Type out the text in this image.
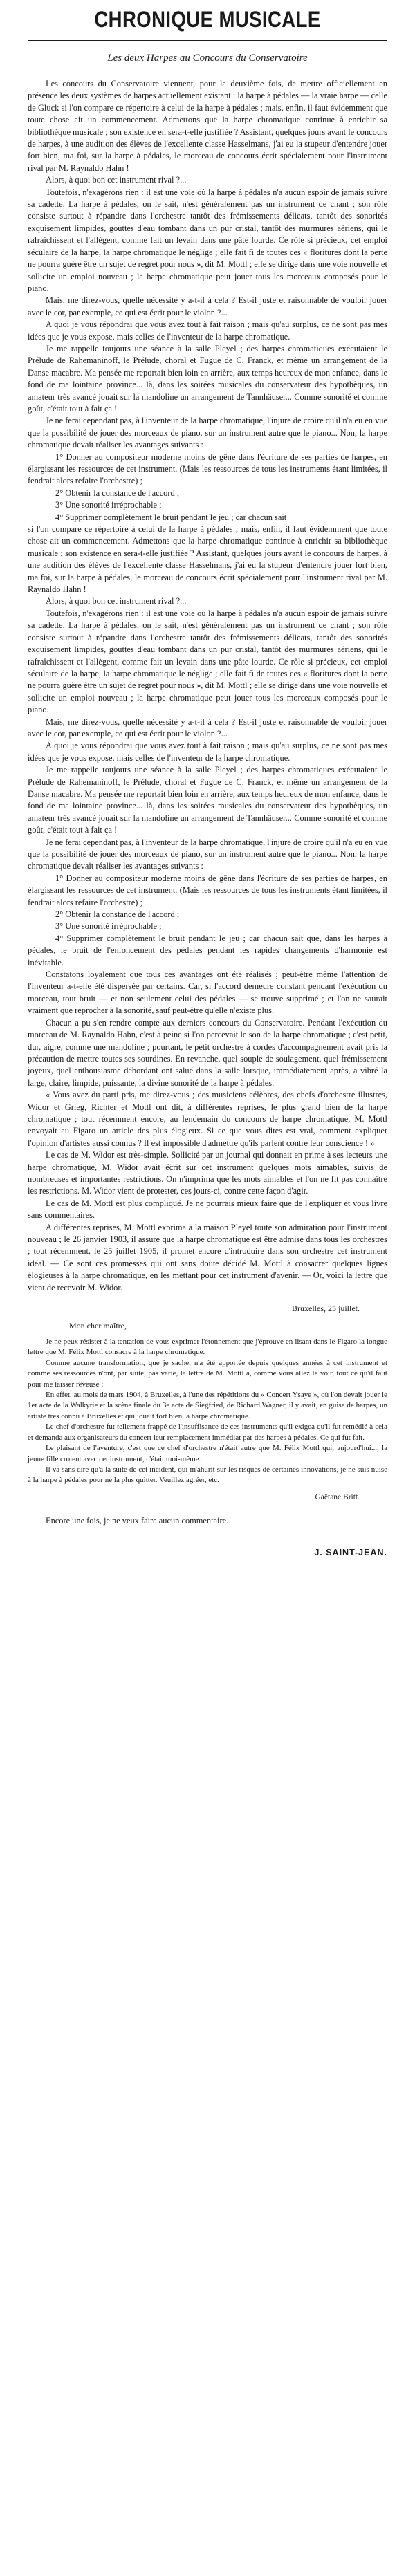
CHRONIQUE MUSICALE
Les deux Harpes au Concours du Conservatoire

Les concours du Conservatoire viennent, pour la deuxième fois, de mettre officiellement en présence les deux systèmes de harpes actuellement existant : la harpe à pédales — la vraie harpe — celle de Gluck si l'on compare ce répertoire à celui de la harpe à pédales ; mais, enfin, il faut évidemment que toute chose ait un commencement. Admettons que la harpe chromatique continue à enrichir sa bibliothèque musicale ; son existence en sera-t-elle justifiée ? Assistant, quelques jours avant le concours de harpes, à une audition des élèves de l'excellente classe Hasselmans, j'ai eu la stupeur d'entendre jouer fort bien, ma foi, sur la harpe à pédales, le morceau de concours écrit spécialement pour l'instrument rival par M. Raynaldo Hahn !

Alors, à quoi bon cet instrument rival ?...

Toutefois, n'exagérons rien : il est une voie où la harpe à pédales n'a aucun espoir de jamais suivre sa cadette. La harpe à pédales, on le sait, n'est généralement pas un instrument de chant ; son rôle consiste surtout à répandre dans l'orchestre tantôt des frémissements délicats, tantôt des sonorités exquisement limpides, gouttes d'eau tombant dans un pur cristal, tantôt des murmures aériens, qui le rafraîchissent et l'allègent, comme fait un levain dans une pâte lourde. Ce rôle si précieux, cet emploi séculaire de la harpe, la harpe chromatique le néglige ; elle fait fi de toutes ces « floritures dont la perte ne pourra guère être un sujet de regret pour nous », dit M. Mottl ; elle se dirige dans une voie nouvelle et sollicite un emploi nouveau ; la harpe chromatique peut jouer tous les morceaux composés pour le piano.

Mais, me direz-vous, quelle nécessité y a-t-il à cela ? Est-il juste et raisonnable de vouloir jouer avec le cor, par exemple, ce qui est écrit pour le violon ?...

A quoi je vous répondrai que vous avez tout à fait raison ; mais qu'au surplus, ce ne sont pas mes idées que je vous expose, mais celles de l'inventeur de la harpe chromatique.

Je me rappelle toujours une séance à la salle Pleyel ; des harpes chromatiques exécutaient le Prélude de Rahemaninoff, le Prélude, choral et Fugue de C. Franck, et même un arrangement de la Danse macabre. Ma pensée me reportait bien loin en arrière, aux temps heureux de mon enfance, dans le fond de ma lointaine province... là, dans les soirées musicales du conservateur des hypothèques, un amateur très avancé jouait sur la mandoline un arrangement de Tannhäuser... Comme sonorité et comme goût, c'était tout à fait ça !

Je ne ferai cependant pas, à l'inventeur de la harpe chromatique, l'injure de croire qu'il n'a eu en vue que la possibilité de jouer des morceaux de piano, sur un instrument autre que le piano... Non, la harpe chromatique devait réaliser les avantages suivants :

1° Donner au compositeur moderne moins de gêne dans l'écriture de ses parties de harpes, en élargissant les ressources de cet instrument. (Mais les ressources de tous les instruments étant limitées, il fendrait alors refaire l'orchestre) ;

2° Obtenir la constance de l'accord ;

3° Une sonorité irréprochable ;

4° Supprimer complètement le bruit pendant le jeu ; car chacun sait

si l'on compare ce répertoire à celui de la harpe à pédales ; mais, enfin, il faut évidemment que toute chose ait un commencement. Admettons que la harpe chromatique continue à enrichir sa bibliothèque musicale ; son existence en sera-t-elle justifiée ? Assistant, quelques jours avant le concours de harpes, à une audition des élèves de l'excellente classe Hasselmans, j'ai eu la stupeur d'entendre jouer fort bien, ma foi, sur la harpe à pédales, le morceau de concours écrit spécialement pour l'instrument rival par M. Raynaldo Hahn !

Alors, à quoi bon cet instrument rival ?...

Toutefois, n'exagérons rien : il est une voie où la harpe à pédales n'a aucun espoir de jamais suivre sa cadette. La harpe à pédales, on le sait, n'est généralement pas un instrument de chant ; son rôle consiste surtout à répandre dans l'orchestre tantôt des frémissements délicats, tantôt des sonorités exquisement limpides, gouttes d'eau tombant dans un pur cristal, tantôt des murmures aériens, qui le rafraîchissent et l'allègent, comme fait un levain dans une pâte lourde. Ce rôle si précieux, cet emploi séculaire de la harpe, la harpe chromatique le néglige ; elle fait fi de toutes ces « floritures dont la perte ne pourra guère être un sujet de regret pour nous », dit M. Mottl ; elle se dirige dans une voie nouvelle et sollicite un emploi nouveau ; la harpe chromatique peut jouer tous les morceaux composés pour le piano.

Mais, me direz-vous, quelle nécessité y a-t-il à cela ? Est-il juste et raisonnable de vouloir jouer avec le cor, par exemple, ce qui est écrit pour le violon ?...

A quoi je vous répondrai que vous avez tout à fait raison ; mais qu'au surplus, ce ne sont pas mes idées que je vous expose, mais celles de l'inventeur de la harpe chromatique.

Je me rappelle toujours une séance à la salle Pleyel ; des harpes chromatiques exécutaient le Prélude de Rahemaninoff, le Prélude, choral et Fugue de C. Franck, et même un arrangement de la Danse macabre. Ma pensée me reportait bien loin en arrière, aux temps heureux de mon enfance, dans le fond de ma lointaine province... là, dans les soirées musicales du conservateur des hypothèques, un amateur très avancé jouait sur la mandoline un arrangement de Tannhäuser... Comme sonorité et comme goût, c'était tout à fait ça !

Je ne ferai cependant pas, à l'inventeur de la harpe chromatique, l'injure de croire qu'il n'a eu en vue que la possibilité de jouer des morceaux de piano, sur un instrument autre que le piano... Non, la harpe chromatique devait réaliser les avantages suivants :

1° Donner au compositeur moderne moins de gêne dans l'écriture de ses parties de harpes, en élargissant les ressources de cet instrument. (Mais les ressources de tous les instruments étant limitées, il fendrait alors refaire l'orchestre) ;

2° Obtenir la constance de l'accord ;

3° Une sonorité irréprochable ;

4° Supprimer complètement le bruit pendant le jeu ; car chacun sait que, dans les harpes à pédales, le bruit de l'enfoncement des pédales pendant les rapides changements d'harmonie est inévitable.

Constatons loyalement que tous ces avantages ont été réalisés ; peut-être même l'attention de l'inventeur a-t-elle été dispersée par certains. Car, si l'accord demeure constant pendant l'exécution du morceau, tout bruit — et non seulement celui des pédales — se trouve supprimé ; et l'on ne saurait vraiment que reprocher à la sonorité, sauf peut-être qu'elle n'existe plus.

Chacun a pu s'en rendre compte aux derniers concours du Conservatoire. Pendant l'exécution du morceau de M. Raynaldo Hahn, c'est à peine si l'on percevait le son de la harpe chromatique ; c'est petit, dur, aigre, comme une mandoline ; pourtant, le petit orchestre à cordes d'accompagnement avait pris la précaution de mettre toutes ses sourdines. En revanche, quel souple de soulagement, quel frémissement joyeux, quel enthousiasme débordant ont salué dans la salle lorsque, immédiatement après, a vibré la large, claire, limpide, puissante, la divine sonorité de la harpe à pédales.

« Vous avez du parti pris, me direz-vous ; des musiciens célèbres, des chefs d'orchestre illustres, Widor et Grieg, Richter et Mottl ont dit, à différentes reprises, le plus grand bien de la harpe chromatique ; tout récemment encore, au lendemain du concours de harpe chromatique, M. Mottl envoyait au Figaro un article des plus élogieux. Si ce que vous dites est vrai, comment expliquer l'opinion d'artistes aussi connus ? Il est impossible d'admettre qu'ils parlent contre leur conscience ! »

Le cas de M. Widor est très-simple. Sollicité par un journal qui donnait en prime à ses lecteurs une harpe chromatique, M. Widor avait écrit sur cet instrument quelques mots aimables, suivis de nombreuses et importantes restrictions. On n'imprima que les mots aimables et l'on ne fit pas connaître les restrictions. M. Widor vient de protester, ces jours-ci, contre cette façon d'agir.

Le cas de M. Mottl est plus compliqué. Je ne pourrais mieux faire que de l'expliquer et vous livre sans commentaires.

A différentes reprises, M. Mottl exprima à la maison Pleyel toute son admiration pour l'instrument nouveau ; le 26 janvier 1903, il assure que la harpe chromatique est être admise dans tous les orchestres ; tout récemment, le 25 juillet 1905, il promet encore d'introduire dans son orchestre cet instrument idéal. — Ce sont ces promesses qui ont sans doute décidé M. Mottl à consacrer quelques lignes élogieuses à la harpe chromatique, en les mettant pour cet instrument d'avenir. — Or, voici la lettre que vient de recevoir M. Widor.

Bruxelles, 25 juillet.
Mon cher maître,

Je ne peux résister à la tentation de vous exprimer l'étonnement que j'éprouve en lisant dans le Figaro la longue lettre que M. Félix Mottl consacre à la harpe chromatique.

Comme aucune transformation, que je sache, n'a été apportée depuis quelques années à cet instrument et comme ses ressources n'ont, par suite, pas varié, la lettre de M. Mottl a, comme vous allez le voir, tout ce qu'il faut pour me laisser rêveuse :

En effet, au mois de mars 1904, à Bruxelles, à l'une des répétitions du « Concert Ysaye », où l'on devait jouer le 1er acte de la Walkyrie et la scène finale du 3e acte de Siegfried, de Richard Wagner, il y avait, en guise de harpes, un artiste très connu à Bruxelles et qui jouait fort bien la harpe chromatique.

Le chef d'orchestre fut tellement frappé de l'insuffisance de ces instruments qu'il exigea qu'il fut remédié à cela et demanda aux organisateurs du concert leur remplacement immédiat par des harpes à pédales. Ce qui fut fait.

Le plaisant de l'aventure, c'est que ce chef d'orchestre n'était autre que M. Félix Mottl qui, aujourd'hui..., la jeune fille croient avec cet instrument, c'était moi-même.

Il va sans dire qu'à la suite de cet incident, qui m'ahurit sur les risques de certaines innovations, je ne suis nuise à la harpe à pédales pour ne la plus quitter. Veuillez agréer, etc.

Gaëtane Britt.

Encore une fois, je ne veux faire aucun commentaire.

J. SAINT-JEAN.
